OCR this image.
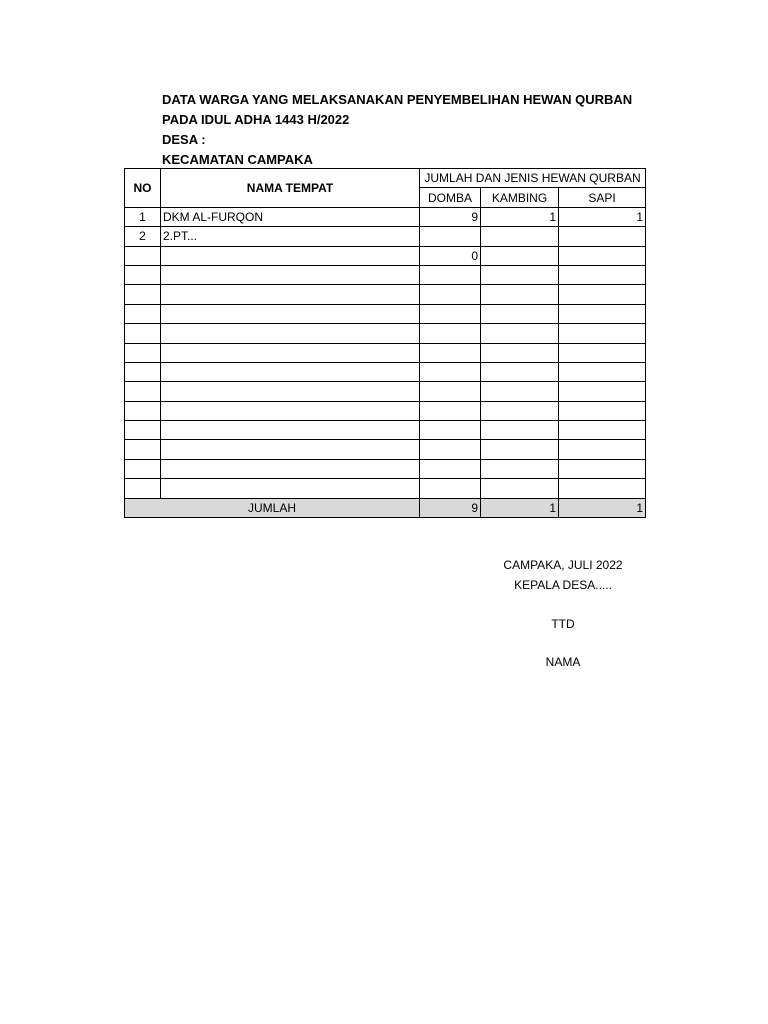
DATA WARGA YANG MELAKSANAKAN PENYEMBELIHAN HEWAN QURBAN
PADA IDUL ADHA 1443 H/2022
DESA :
KECAMATAN CAMPAKA
NO	NAMA TEMPAT	JUMLAH DAN JENIS HEWAN QURBAN		
		DOMBA	KAMBING	SAPI
1	DKM AL-FURQON	9	1	1
2	2.PT...			
		0		

JUMLAH		9	1	1
CAMPAKA, JULI 2022
KEPALA DESA.....
TTD
NAMA
